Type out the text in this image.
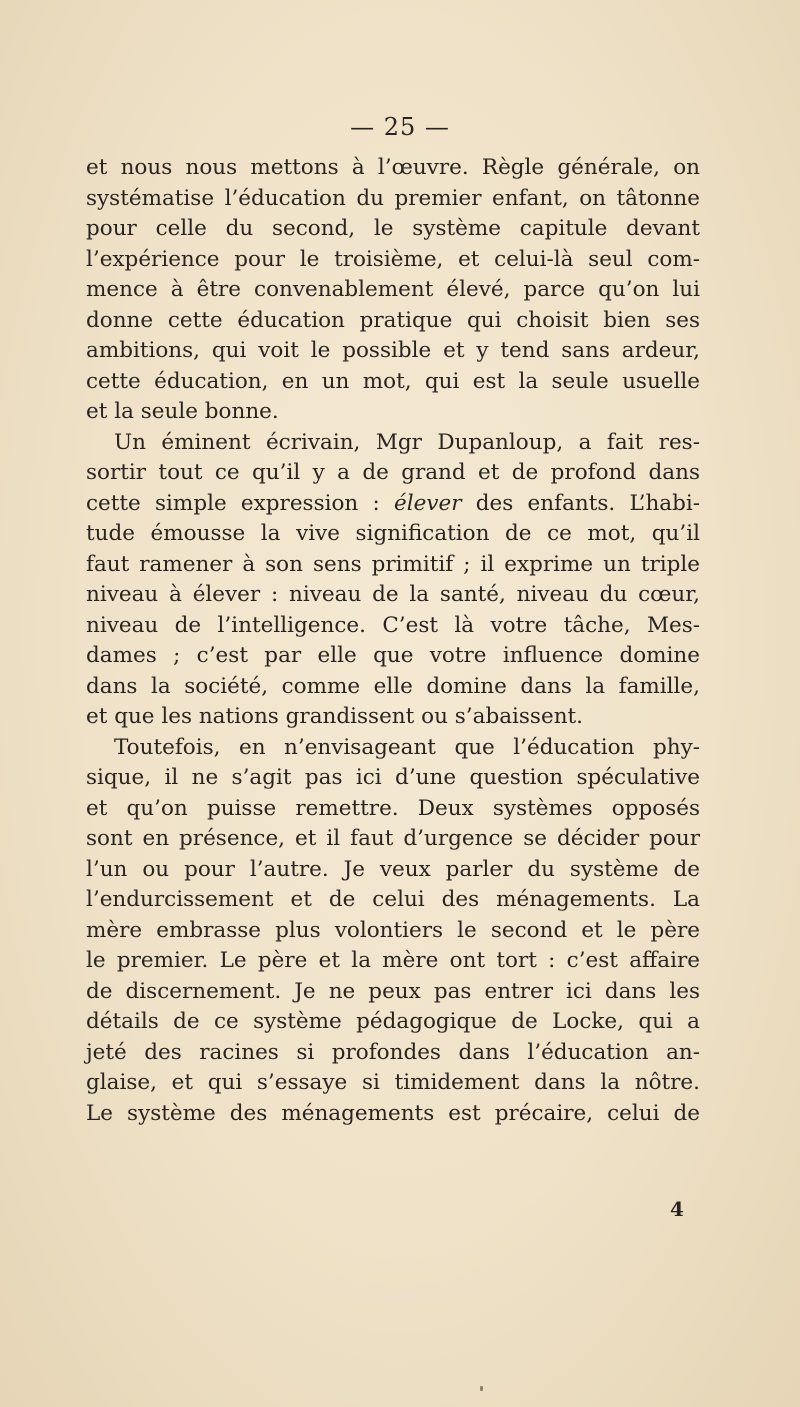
— 25 —
et nous nous mettons à l’œuvre. Règle générale, on
systématise l’éducation du premier enfant, on tâtonne
pour celle du second, le système capitule devant
l’expérience pour le troisième, et celui-là seul com-
mence à être convenablement élevé, parce qu’on lui
donne cette éducation pratique qui choisit bien ses
ambitions, qui voit le possible et y tend sans ardeur,
cette éducation, en un mot, qui est la seule usuelle
et la seule bonne.
Un éminent écrivain, Mgr Dupanloup, a fait res-
sortir tout ce qu’il y a de grand et de profond dans
cette simple expression : élever des enfants. L’habi-
tude émousse la vive signification de ce mot, qu’il
faut ramener à son sens primitif ; il exprime un triple
niveau à élever : niveau de la santé, niveau du cœur,
niveau de l’intelligence. C’est là votre tâche, Mes-
dames ; c’est par elle que votre influence domine
dans la société, comme elle domine dans la famille,
et que les nations grandissent ou s’abaissent.
Toutefois, en n’envisageant que l’éducation phy-
sique, il ne s’agit pas ici d’une question spéculative
et qu’on puisse remettre. Deux systèmes opposés
sont en présence, et il faut d’urgence se décider pour
l’un ou pour l’autre. Je veux parler du système de
l’endurcissement et de celui des ménagements. La
mère embrasse plus volontiers le second et le père
le premier. Le père et la mère ont tort : c’est affaire
de discernement. Je ne peux pas entrer ici dans les
détails de ce système pédagogique de Locke, qui a
jeté des racines si profondes dans l’éducation an-
glaise, et qui s’essaye si timidement dans la nôtre.
Le système des ménagements est précaire, celui de
4
